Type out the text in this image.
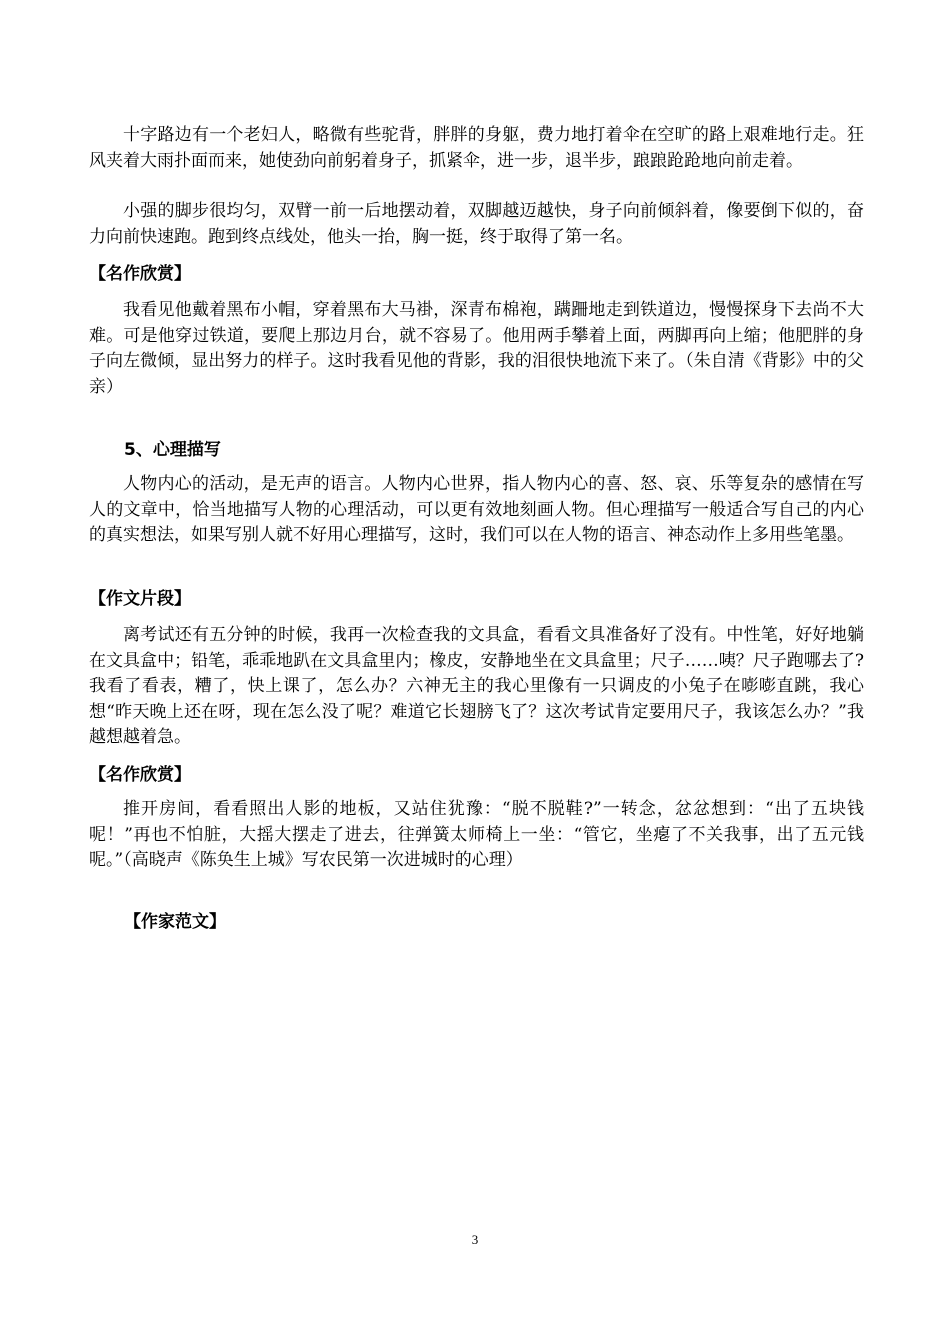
十字路边有一个老妇人，略微有些驼背，胖胖的身躯，费力地打着伞在空旷的路上艰难地行走。狂风夹着大雨扑面而来，她使劲向前躬着身子，抓紧伞，进一步，退半步，踉踉跄跄地向前走着。

小强的脚步很均匀，双臂一前一后地摆动着，双脚越迈越快，身子向前倾斜着，像要倒下似的，奋力向前快速跑。跑到终点线处，他头一抬，胸一挺，终于取得了第一名。

【名作欣赏】

我看见他戴着黑布小帽，穿着黑布大马褂，深青布棉袍，蹒跚地走到铁道边，慢慢探身下去尚不大难。可是他穿过铁道，要爬上那边月台，就不容易了。他用两手攀着上面，两脚再向上缩；他肥胖的身子向左微倾，显出努力的样子。这时我看见他的背影，我的泪很快地流下来了。（朱自清《背影》中的父亲）

5、心理描写

人物内心的活动，是无声的语言。人物内心世界，指人物内心的喜、怒、哀、乐等复杂的感情在写人的文章中，恰当地描写人物的心理活动，可以更有效地刻画人物。但心理描写一般适合写自己的内心的真实想法，如果写别人就不好用心理描写，这时，我们可以在人物的语言、神态动作上多用些笔墨。

【作文片段】

离考试还有五分钟的时候，我再一次检查我的文具盒，看看文具准备好了没有。中性笔，好好地躺在文具盒中；铅笔，乖乖地趴在文具盒里内；橡皮，安静地坐在文具盒里；尺子……咦？尺子跑哪去了?我看了看表，糟了，快上课了，怎么办？六神无主的我心里像有一只调皮的小兔子在嘭嘭直跳，我心想“昨天晚上还在呀，现在怎么没了呢？难道它长翅膀飞了？这次考试肯定要用尺子，我该怎么办？”我越想越着急。

【名作欣赏】

推开房间，看看照出人影的地板，又站住犹豫：“脱不脱鞋?”一转念，忿忿想到：“出了五块钱呢！”再也不怕脏，大摇大摆走了进去，往弹簧太师椅上一坐：“管它，坐瘪了不关我事，出了五元钱呢。”（高晓声《陈奂生上城》写农民第一次进城时的心理）

【作家范文】
3
